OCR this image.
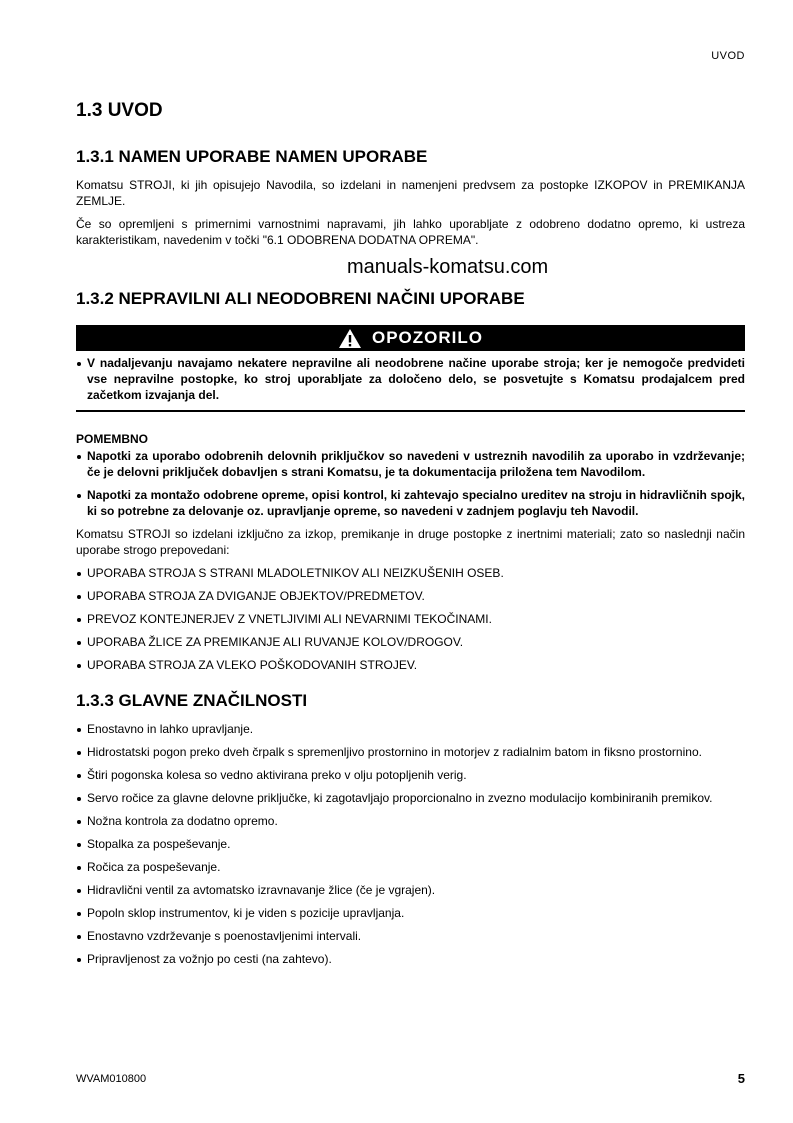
UVOD
1.3 UVOD
1.3.1 NAMEN UPORABE NAMEN UPORABE

Komatsu STROJI, ki jih opisujejo Navodila, so izdelani in namenjeni predvsem za postopke IZKOPOV in PREMIKANJA ZEMLJE.

Če so opremljeni s primernimi varnostnimi napravami, jih lahko uporabljate z odobreno dodatno opremo, ki ustreza karakteristikam, navedenim v točki "6.1 ODOBRENA DODATNA OPREMA".

manuals-komatsu.com
1.3.2 NEPRAVILNI ALI NEODOBRENI NAČINI UPORABE
OPOZORILO
V nadaljevanju navajamo nekatere nepravilne ali neodobrene načine uporabe stroja; ker je nemogoče predvideti vse nepravilne postopke, ko stroj uporabljate za določeno delo, se posvetujte s Komatsu prodajalcem pred začetkom izvajanja del.
POMEMBNO
Napotki za uporabo odobrenih delovnih priključkov so navedeni v ustreznih navodilih za uporabo in vzdrževanje; če je delovni priključek dobavljen s strani Komatsu, je ta dokumentacija priložena tem Navodilom.
Napotki za montažo odobrene opreme, opisi kontrol, ki zahtevajo specialno ureditev na stroju in hidravličnih spojk, ki so potrebne za delovanje oz. upravljanje opreme, so navedeni v zadnjem poglavju teh Navodil.

Komatsu STROJI so izdelani izključno za izkop, premikanje in druge postopke z inertnimi materiali; zato so naslednji način uporabe strogo prepovedani:

UPORABA STROJA S STRANI MLADOLETNIKOV ALI NEIZKUŠENIH OSEB.
UPORABA STROJA ZA DVIGANJE OBJEKTOV/PREDMETOV.
PREVOZ KONTEJNERJEV Z VNETLJIVIMI ALI NEVARNIMI TEKOČINAMI.
UPORABA ŽLICE ZA PREMIKANJE ALI RUVANJE KOLOV/DROGOV.
UPORABA STROJA ZA VLEKO POŠKODOVANIH STROJEV.
1.3.3 GLAVNE ZNAČILNOSTI
Enostavno in lahko upravljanje.
Hidrostatski pogon preko dveh črpalk s spremenljivo prostornino in motorjev z radialnim batom in fiksno prostornino.
Štiri pogonska kolesa so vedno aktivirana preko v olju potopljenih verig.
Servo ročice za glavne delovne priključke, ki zagotavljajo proporcionalno in zvezno modulacijo kombiniranih premikov.
Nožna kontrola za dodatno opremo.
Stopalka za pospeševanje.
Ročica za pospeševanje.
Hidravlični ventil za avtomatsko izravnavanje žlice (če je vgrajen).
Popoln sklop instrumentov, ki je viden s pozicije upravljanja.
Enostavno vzdrževanje s poenostavljenimi intervali.
Pripravljenost za vožnjo po cesti (na zahtevo).
WVAM010800	5
